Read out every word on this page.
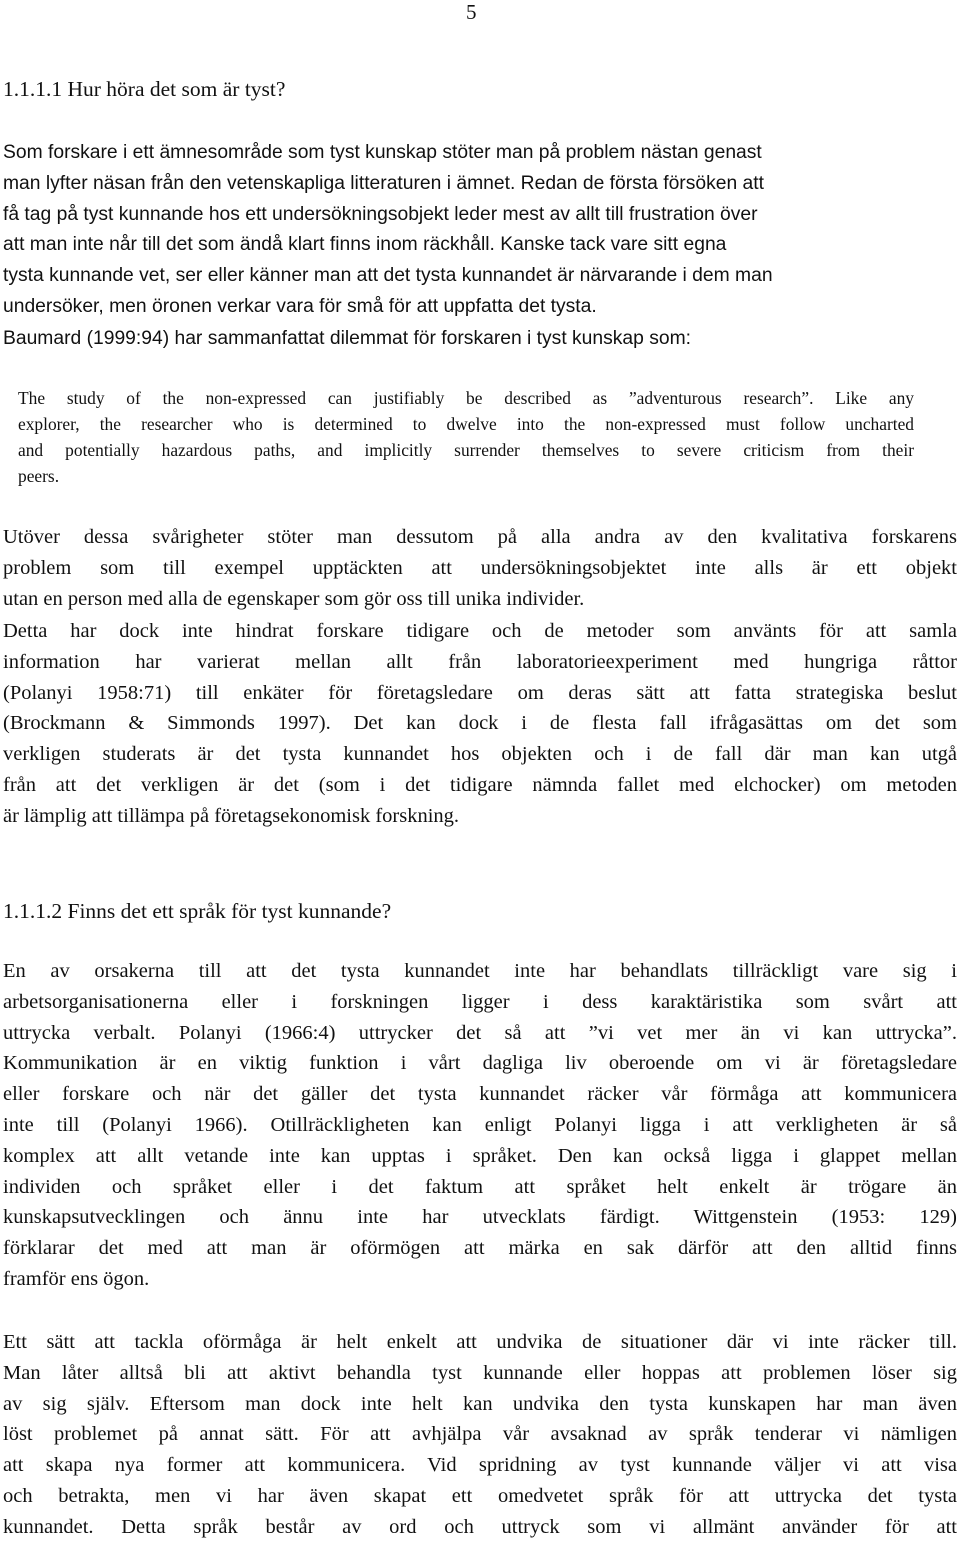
5
1.1.1.1 Hur höra det som är tyst?

Som forskare i ett ämnesområde som tyst kunskap stöter man på problem nästan genast
man lyfter näsan från den vetenskapliga litteraturen i ämnet. Redan de första försöken att
få tag på tyst kunnande hos ett undersökningsobjekt leder mest av allt till frustration över
att man inte når till det som ändå klart finns inom räckhåll. Kanske tack vare sitt egna
tysta kunnande vet, ser eller känner man att det tysta kunnandet är närvarande i dem man
undersöker, men öronen verkar vara för små för att uppfatta det tysta.

Baumard (1999:94) har sammanfattat dilemmat för forskaren i tyst kunskap som:

The study of the non-expressed can justifiably be described as ”adventurous research”. Like any
explorer, the researcher who is determined to dwelve into the non-expressed must follow uncharted
and potentially hazardous paths, and implicitly surrender themselves to severe criticism from their
peers.

Utöver dessa svårigheter stöter man dessutom på alla andra av den kvalitativa forskarens
problem som till exempel upptäckten att undersökningsobjektet inte alls är ett objekt
utan en person med alla de egenskaper som gör oss till unika individer.

Detta har dock inte hindrat forskare tidigare och de metoder som använts för att samla
information har varierat mellan allt från laboratorieexperiment med hungriga råttor
(Polanyi 1958:71) till enkäter för företagsledare om deras sätt att fatta strategiska beslut
(Brockmann & Simmonds 1997). Det kan dock i de flesta fall ifrågasättas om det som
verkligen studerats är det tysta kunnandet hos objekten och i de fall där man kan utgå
från att det verkligen är det (som i det tidigare nämnda fallet med elchocker) om metoden
är lämplig att tillämpa på företagsekonomisk forskning.

1.1.1.2 Finns det ett språk för tyst kunnande?

En av orsakerna till att det tysta kunnandet inte har behandlats tillräckligt vare sig i
arbetsorganisationerna eller i forskningen ligger i dess karaktäristika som svårt att
uttrycka verbalt. Polanyi (1966:4) uttrycker det så att ”vi vet mer än vi kan uttrycka”.
Kommunikation är en viktig funktion i vårt dagliga liv oberoende om vi är företagsledare
eller forskare och när det gäller det tysta kunnandet räcker vår förmåga att kommunicera
inte till (Polanyi 1966). Otillräckligheten kan enligt Polanyi ligga i att verkligheten är så
komplex att allt vetande inte kan upptas i språket. Den kan också ligga i glappet mellan
individen och språket eller i det faktum att språket helt enkelt är trögare än
kunskapsutvecklingen och ännu inte har utvecklats färdigt. Wittgenstein (1953: 129)
förklarar det med att man är oförmögen att märka en sak därför att den alltid finns
framför ens ögon.

Ett sätt att tackla oförmåga är helt enkelt att undvika de situationer där vi inte räcker till.
Man låter alltså bli att aktivt behandla tyst kunnande eller hoppas att problemen löser sig
av sig själv. Eftersom man dock inte helt kan undvika den tysta kunskapen har man även
löst problemet på annat sätt. För att avhjälpa vår avsaknad av språk tenderar vi nämligen
att skapa nya former att kommunicera. Vid spridning av tyst kunnande väljer vi att visa
och betrakta, men vi har även skapat ett omedvetet språk för att uttrycka det tysta
kunnandet. Detta språk består av ord och uttryck som vi allmänt använder för att
